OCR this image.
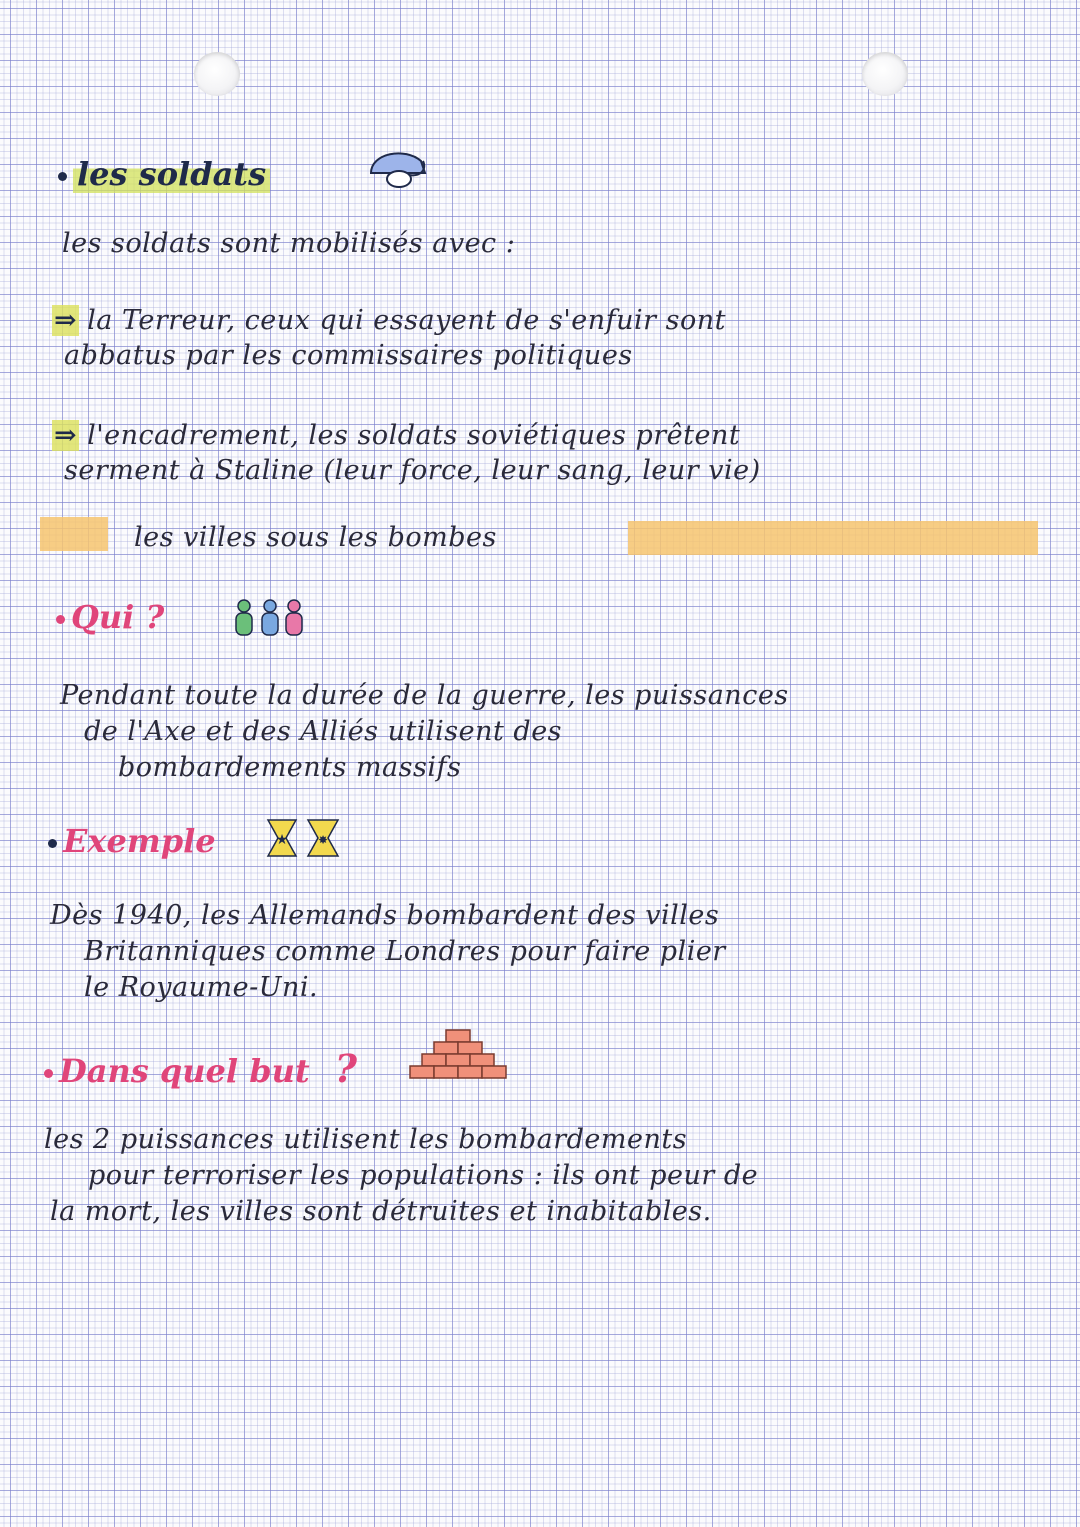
les soldats
les soldats sont mobilisés avec :
⇒ la Terreur, ceux qui essayent de s'enfuir sont
abbatus par les commissaires politiques
⇒ l'encadrement, les soldats soviétiques prêtent
serment à Staline (leur force, leur sang, leur vie)
les villes sous les bombes
Qui ?
Pendant toute la durée de la guerre, les puissances
de l'Axe et des Alliés utilisent des
bombardements massifs
Exemple	★ ✸
Dès 1940, les Allemands bombardent des villes
Britanniques comme Londres pour faire plier
le Royaume-Uni.
Dans quel but ?
les 2 puissances utilisent les bombardements
pour terroriser les populations : ils ont peur de
la mort, les villes sont détruites et inabitables.
